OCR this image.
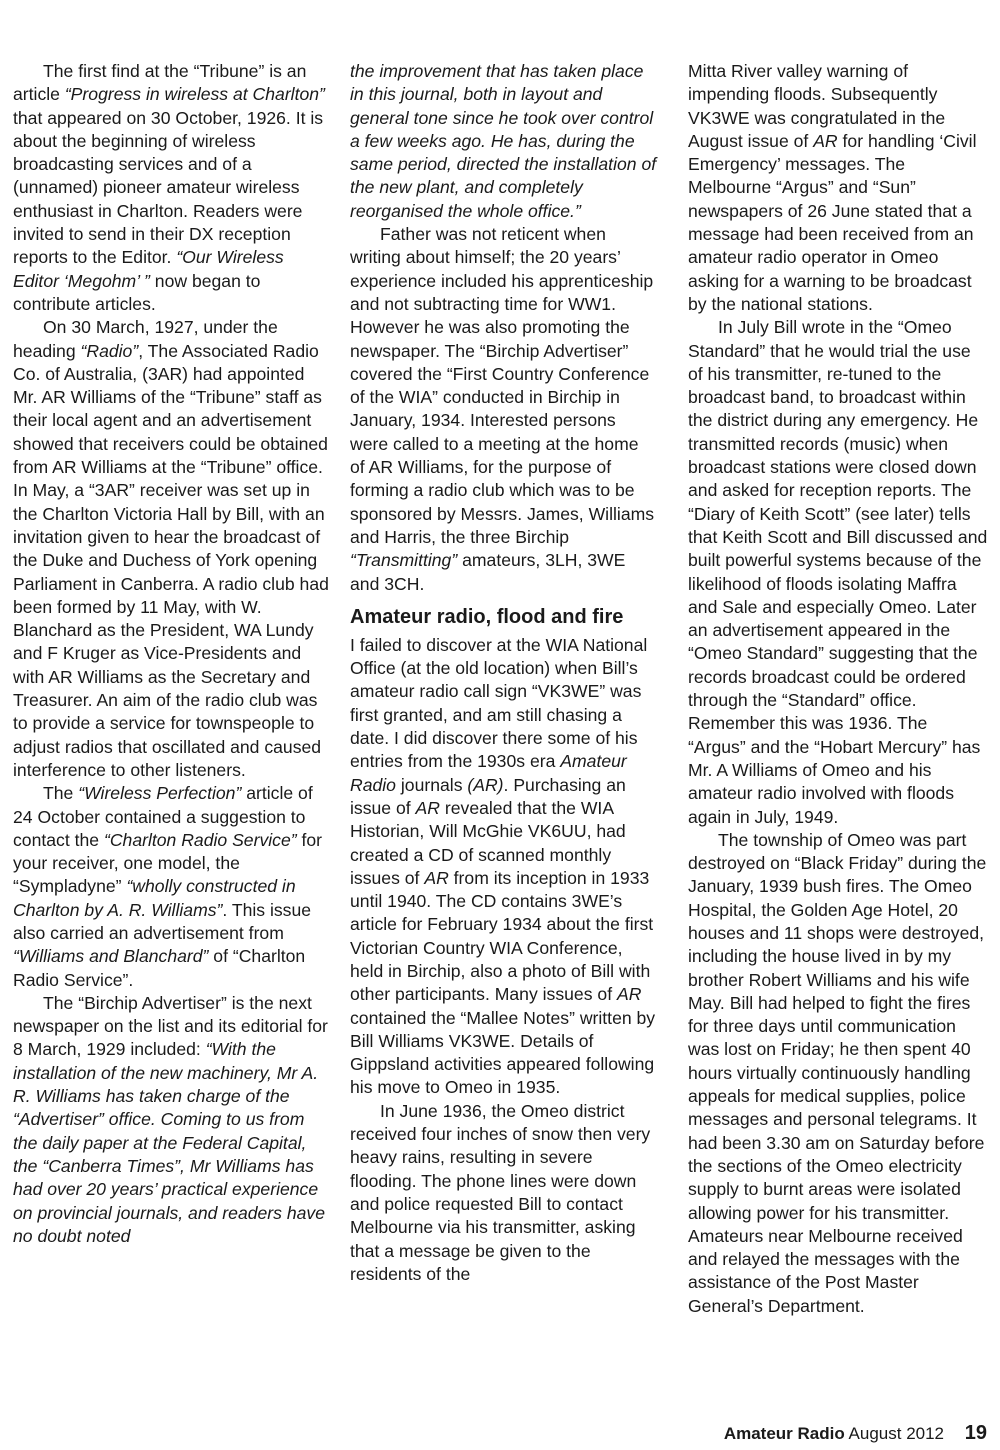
The first find at the “Tribune” is an article “Progress in wireless at Charlton” that appeared on 30 October, 1926. It is about the beginning of wireless broadcasting services and of a (unnamed) pioneer amateur wireless enthusiast in Charlton. Readers were invited to send in their DX reception reports to the Editor. “Our Wireless Editor ‘Megohm’ ” now began to contribute articles.

On 30 March, 1927, under the heading “Radio”, The Associated Radio Co. of Australia, (3AR) had appointed Mr. AR Williams of the “Tribune” staff as their local agent and an advertisement showed that receivers could be obtained from AR Williams at the “Tribune” office. In May, a “3AR” receiver was set up in the Charlton Victoria Hall by Bill, with an invitation given to hear the broadcast of the Duke and Duchess of York opening Parliament in Canberra. A radio club had been formed by 11 May, with W. Blanchard as the President, WA Lundy and F Kruger as Vice-Presidents and with AR Williams as the Secretary and Treasurer. An aim of the radio club was to provide a service for townspeople to adjust radios that oscillated and caused interference to other listeners.

The “Wireless Perfection” article of 24 October contained a suggestion to contact the “Charlton Radio Service” for your receiver, one model, the “Sympladyne” “wholly constructed in Charlton by A. R. Williams”. This issue also carried an advertisement from “Williams and Blanchard” of “Charlton Radio Service”.

The “Birchip Advertiser” is the next newspaper on the list and its editorial for 8 March, 1929 included: “With the installation of the new machinery, Mr A. R. Williams has taken charge of the “Advertiser” office. Coming to us from the daily paper at the Federal Capital, the “Canberra Times”, Mr Williams has had over 20 years’ practical experience on provincial journals, and readers have no doubt noted

the improvement that has taken place in this journal, both in layout and general tone since he took over control a few weeks ago. He has, during the same period, directed the installation of the new plant, and completely reorganised the whole office.”

Father was not reticent when writing about himself; the 20 years’ experience included his apprenticeship and not subtracting time for WW1. However he was also promoting the newspaper. The “Birchip Advertiser” covered the “First Country Conference of the WIA” conducted in Birchip in January, 1934. Interested persons were called to a meeting at the home of AR Williams, for the purpose of forming a radio club which was to be sponsored by Messrs. James, Williams and Harris, the three Birchip “Transmitting” amateurs, 3LH, 3WE and 3CH.

Amateur radio, flood and fire

I failed to discover at the WIA National Office (at the old location) when Bill’s amateur radio call sign “VK3WE” was first granted, and am still chasing a date. I did discover there some of his entries from the 1930s era Amateur Radio journals (AR). Purchasing an issue of AR revealed that the WIA Historian, Will McGhie VK6UU, had created a CD of scanned monthly issues of AR from its inception in 1933 until 1940. The CD contains 3WE’s article for February 1934 about the first Victorian Country WIA Conference, held in Birchip, also a photo of Bill with other participants. Many issues of AR contained the “Mallee Notes” written by Bill Williams VK3WE. Details of Gippsland activities appeared following his move to Omeo in 1935.

In June 1936, the Omeo district received four inches of snow then very heavy rains, resulting in severe flooding. The phone lines were down and police requested Bill to contact Melbourne via his transmitter, asking that a message be given to the residents of the

Mitta River valley warning of impending floods. Subsequently VK3WE was congratulated in the August issue of AR for handling ‘Civil Emergency’ messages. The Melbourne “Argus” and “Sun” newspapers of 26 June stated that a message had been received from an amateur radio operator in Omeo asking for a warning to be broadcast by the national stations.

In July Bill wrote in the “Omeo Standard” that he would trial the use of his transmitter, re-tuned to the broadcast band, to broadcast within the district during any emergency. He transmitted records (music) when broadcast stations were closed down and asked for reception reports. The “Diary of Keith Scott” (see later) tells that Keith Scott and Bill discussed and built powerful systems because of the likelihood of floods isolating Maffra and Sale and especially Omeo. Later an advertisement appeared in the “Omeo Standard” suggesting that the records broadcast could be ordered through the “Standard” office. Remember this was 1936. The “Argus” and the “Hobart Mercury” has Mr. A Williams of Omeo and his amateur radio involved with floods again in July, 1949.

The township of Omeo was part destroyed on “Black Friday” during the January, 1939 bush fires. The Omeo Hospital, the Golden Age Hotel, 20 houses and 11 shops were destroyed, including the house lived in by my brother Robert Williams and his wife May. Bill had helped to fight the fires for three days until communication was lost on Friday; he then spent 40 hours virtually continuously handling appeals for medical supplies, police messages and personal telegrams. It had been 3.30 am on Saturday before the sections of the Omeo electricity supply to burnt areas were isolated allowing power for his transmitter. Amateurs near Melbourne received and relayed the messages with the assistance of the Post Master General’s Department.

Amateur Radio August 2012 19
